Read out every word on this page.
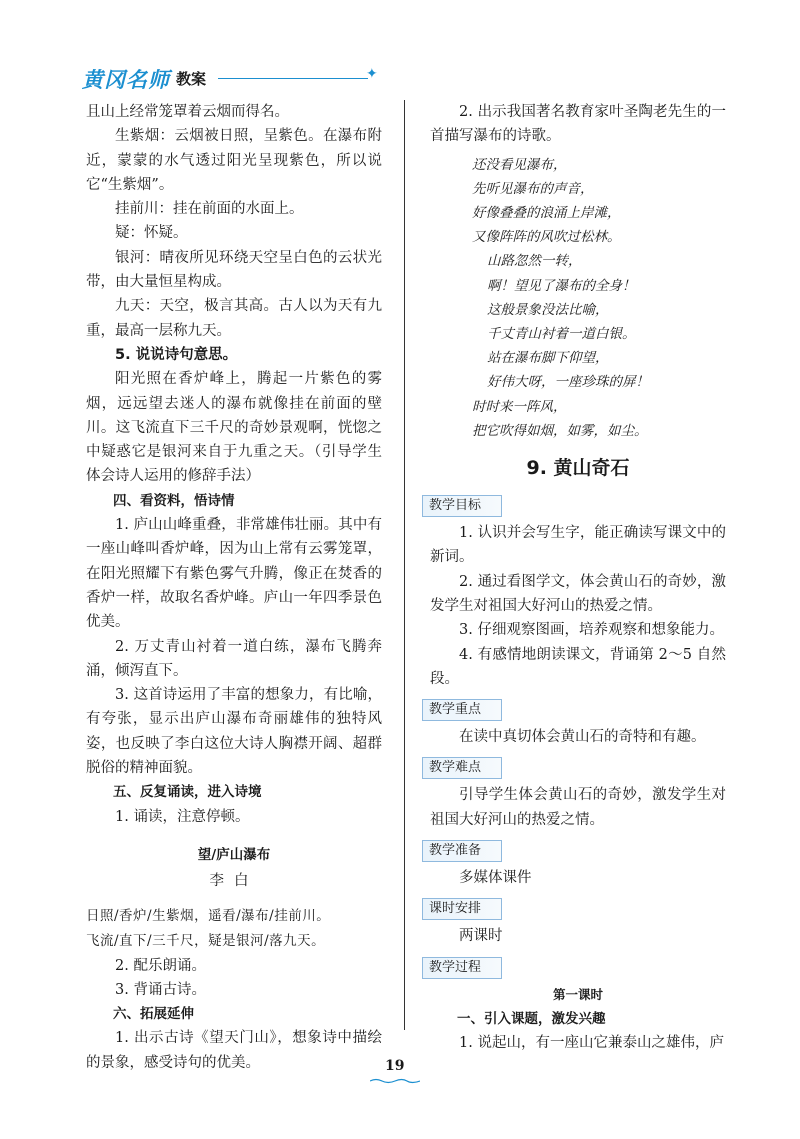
黄冈名师 教案	✦

且山上经常笼罩着云烟而得名。

生紫烟：云烟被日照，呈紫色。在瀑布附近，蒙蒙的水气透过阳光呈现紫色，所以说它“生紫烟”。

挂前川：挂在前面的水面上。

疑：怀疑。

银河：晴夜所见环绕天空呈白色的云状光带，由大量恒星构成。

九天：天空，极言其高。古人以为天有九重，最高一层称九天。

5. 说说诗句意思。

阳光照在香炉峰上，腾起一片紫色的雾烟，远远望去迷人的瀑布就像挂在前面的壁川。这飞流直下三千尺的奇妙景观啊，恍惚之中疑惑它是银河来自于九重之天。（引导学生体会诗人运用的修辞手法）

四、看资料，悟诗情

1. 庐山山峰重叠，非常雄伟壮丽。其中有一座山峰叫香炉峰，因为山上常有云雾笼罩，在阳光照耀下有紫色雾气升腾，像正在焚香的香炉一样，故取名香炉峰。庐山一年四季景色优美。

2. 万丈青山衬着一道白练，瀑布飞腾奔涌，倾泻直下。

3. 这首诗运用了丰富的想象力，有比喻，有夸张，显示出庐山瀑布奇丽雄伟的独特风姿，也反映了李白这位大诗人胸襟开阔、超群脱俗的精神面貌。

五、反复诵读，进入诗境

1. 诵读，注意停顿。

望/庐山瀑布

李白

日照/香炉/生紫烟，遥看/瀑布/挂前川。

飞流/直下/三千尺，疑是银河/落九天。

2. 配乐朗诵。

3. 背诵古诗。

六、拓展延伸

1. 出示古诗《望天门山》，想象诗中描绘的景象，感受诗句的优美。

2. 出示我国著名教育家叶圣陶老先生的一首描写瀑布的诗歌。

还没看见瀑布，

先听见瀑布的声音，

好像叠叠的浪涌上岸滩，

又像阵阵的风吹过松林。

山路忽然一转，

啊！望见了瀑布的全身！

这般景象没法比喻，

千丈青山衬着一道白银。

站在瀑布脚下仰望，

好伟大呀，一座珍珠的屏！

时时来一阵风，

把它吹得如烟，如雾，如尘。

9. 黄山奇石

教学目标

1. 认识并会写生字，能正确读写课文中的新词。

2. 通过看图学文，体会黄山石的奇妙，激发学生对祖国大好河山的热爱之情。

3. 仔细观察图画，培养观察和想象能力。

4. 有感情地朗读课文，背诵第 2～5 自然段。

教学重点

在读中真切体会黄山石的奇特和有趣。

教学难点

引导学生体会黄山石的奇妙，激发学生对祖国大好河山的热爱之情。

教学准备

多媒体课件

课时安排

两课时

教学过程

第一课时

一、引入课题，激发兴趣

1. 说起山，有一座山它兼泰山之雄伟，庐

19
